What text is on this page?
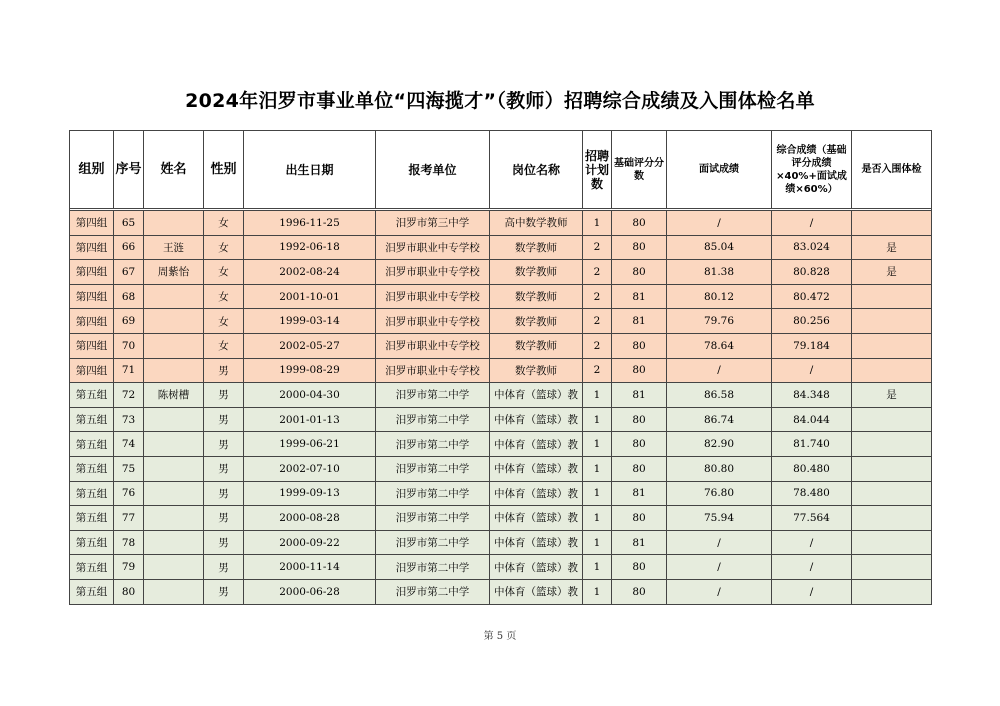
2024年汨罗市事业单位“四海揽才”（教师）招聘综合成绩及入围体检名单
组别	序号	姓名	性别	出生日期	报考单位	岗位名称	招聘计划数	基础评分分数	面试成绩	综合成绩（基础评分成绩×40%+面试成绩×60%）	是否入围体检

第四组	65		女	1996-11-25	汨罗市第三中学	高中数学教师	1	80	/	/	
第四组	66	王涟	女	1992-06-18	汨罗市职业中专学校	数学教师	2	80	85.04	83.024	是
第四组	67	周紫怡	女	2002-08-24	汨罗市职业中专学校	数学教师	2	80	81.38	80.828	是
第四组	68		女	2001-10-01	汨罗市职业中专学校	数学教师	2	81	80.12	80.472	
第四组	69		女	1999-03-14	汨罗市职业中专学校	数学教师	2	81	79.76	80.256	
第四组	70		女	2002-05-27	汨罗市职业中专学校	数学教师	2	80	78.64	79.184	
第四组	71		男	1999-08-29	汨罗市职业中专学校	数学教师	2	80	/	/	
第五组	72	陈树槽	男	2000-04-30	汨罗市第二中学	中体育（篮球）教	1	81	86.58	84.348	是
第五组	73		男	2001-01-13	汨罗市第二中学	中体育（篮球）教	1	80	86.74	84.044	
第五组	74		男	1999-06-21	汨罗市第二中学	中体育（篮球）教	1	80	82.90	81.740	
第五组	75		男	2002-07-10	汨罗市第二中学	中体育（篮球）教	1	80	80.80	80.480	
第五组	76		男	1999-09-13	汨罗市第二中学	中体育（篮球）教	1	81	76.80	78.480	
第五组	77		男	2000-08-28	汨罗市第二中学	中体育（篮球）教	1	80	75.94	77.564	
第五组	78		男	2000-09-22	汨罗市第二中学	中体育（篮球）教	1	81	/	/	
第五组	79		男	2000-11-14	汨罗市第二中学	中体育（篮球）教	1	80	/	/	
第五组	80		男	2000-06-28	汨罗市第二中学	中体育（篮球）教	1	80	/	/	
第 5 页
